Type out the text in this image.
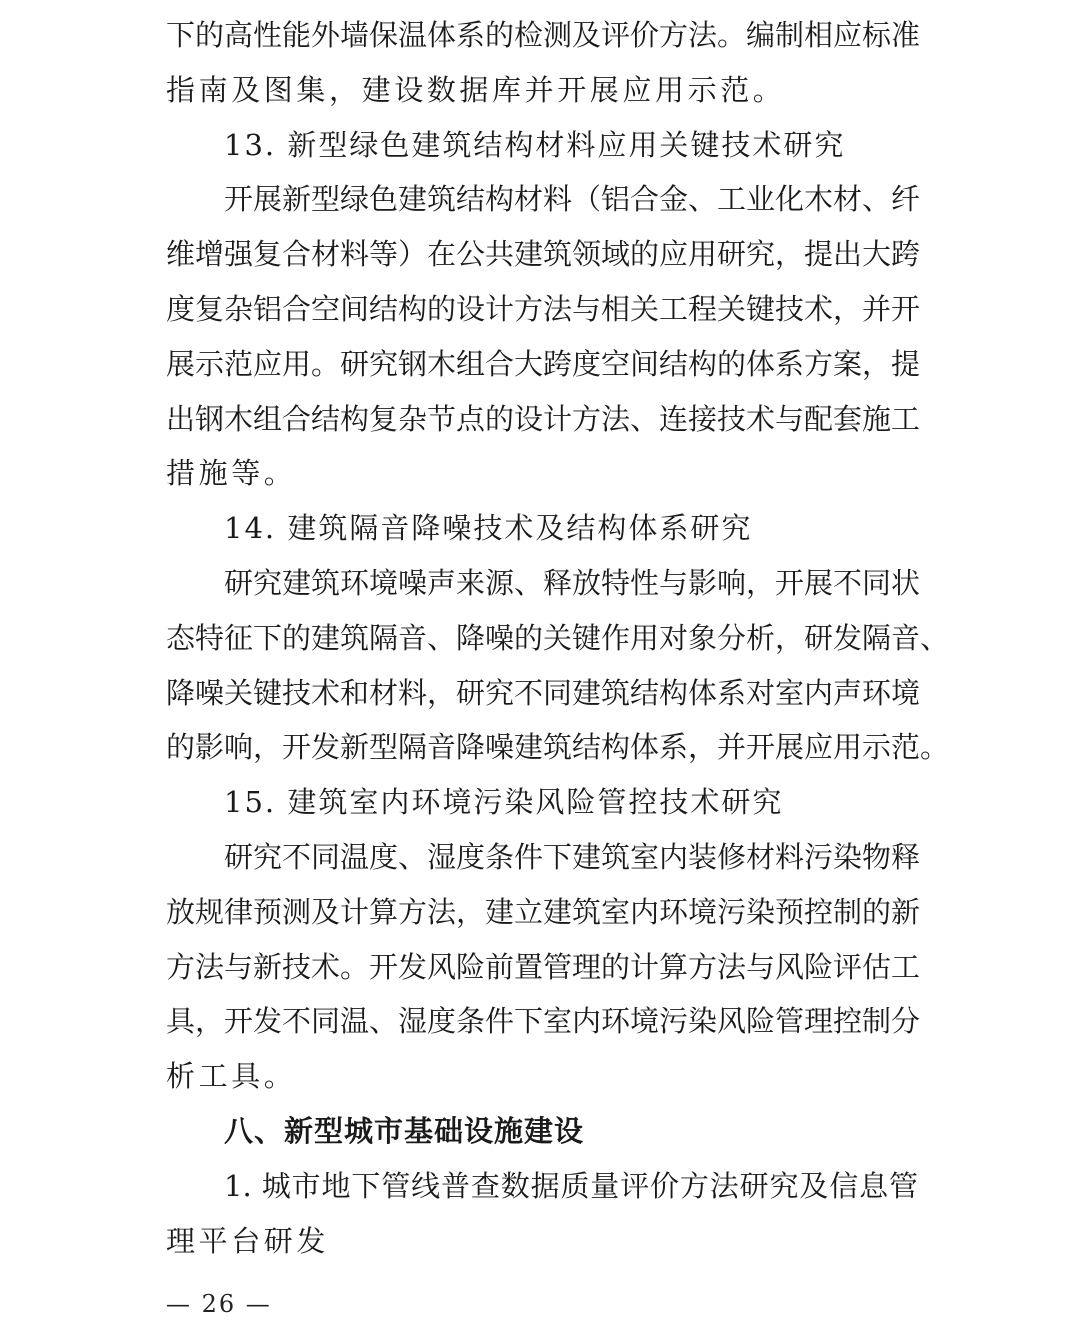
下的高性能外墙保温体系的检测及评价方法。编制相应标准
指南及图集，建设数据库并开展应用示范。
13. 新型绿色建筑结构材料应用关键技术研究
开展新型绿色建筑结构材料（铝合金、工业化木材、纤
维增强复合材料等）在公共建筑领域的应用研究，提出大跨
度复杂铝合空间结构的设计方法与相关工程关键技术，并开
展示范应用。研究钢木组合大跨度空间结构的体系方案，提
出钢木组合结构复杂节点的设计方法、连接技术与配套施工
措施等。
14. 建筑隔音降噪技术及结构体系研究
研究建筑环境噪声来源、释放特性与影响，开展不同状
态特征下的建筑隔音、降噪的关键作用对象分析，研发隔音、
降噪关键技术和材料，研究不同建筑结构体系对室内声环境
的影响，开发新型隔音降噪建筑结构体系，并开展应用示范。
15. 建筑室内环境污染风险管控技术研究
研究不同温度、湿度条件下建筑室内装修材料污染物释
放规律预测及计算方法，建立建筑室内环境污染预控制的新
方法与新技术。开发风险前置管理的计算方法与风险评估工
具，开发不同温、湿度条件下室内环境污染风险管理控制分
析工具。
八、新型城市基础设施建设
1. 城市地下管线普查数据质量评价方法研究及信息管
理平台研发
— 26 —
